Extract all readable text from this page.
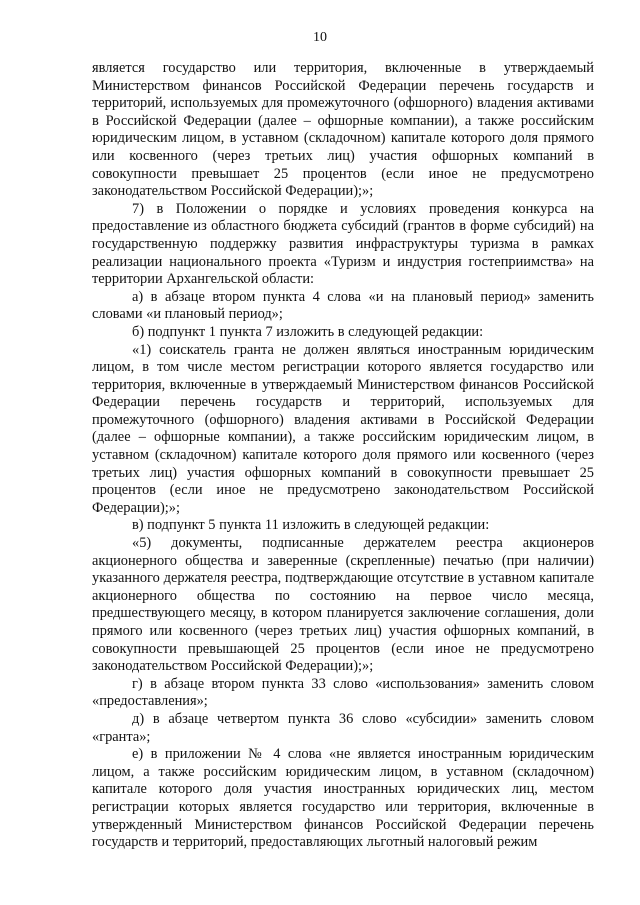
10

является государство или территория, включенные в утверждаемый Министерством финансов Российской Федерации перечень государств и территорий, используемых для промежуточного (офшорного) владения активами в Российской Федерации (далее – офшорные компании), а также российским юридическим лицом, в уставном (складочном) капитале которого доля прямого или косвенного (через третьих лиц) участия офшорных компаний в совокупности превышает 25 процентов (если иное не предусмотрено законодательством Российской Федерации);»;

7) в Положении о порядке и условиях проведения конкурса на предоставление из областного бюджета субсидий (грантов в форме субсидий) на государственную поддержку развития инфраструктуры туризма в рамках реализации национального проекта «Туризм и индустрия гостеприимства» на территории Архангельской области:

а) в абзаце втором пункта 4 слова «и на плановый период» заменить словами «и плановый период»;

б) подпункт 1 пункта 7 изложить в следующей редакции:

«1) соискатель гранта не должен являться иностранным юридическим лицом, в том числе местом регистрации которого является государство или территория, включенные в утверждаемый Министерством финансов Российской Федерации перечень государств и территорий, используемых для промежуточного (офшорного) владения активами в Российской Федерации (далее – офшорные компании), а также российским юридическим лицом, в уставном (складочном) капитале которого доля прямого или косвенного (через третьих лиц) участия офшорных компаний в совокупности превышает 25 процентов (если иное не предусмотрено законодательством Российской Федерации);»;

в) подпункт 5 пункта 11 изложить в следующей редакции:

«5) документы, подписанные держателем реестра акционеров акционерного общества и заверенные (скрепленные) печатью (при наличии) указанного держателя реестра, подтверждающие отсутствие в уставном капитале акционерного общества по состоянию на первое число месяца, предшествующего месяцу, в котором планируется заключение соглашения, доли прямого или косвенного (через третьих лиц) участия офшорных компаний, в совокупности превышающей 25 процентов (если иное не предусмотрено законодательством Российской Федерации);»;

г) в абзаце втором пункта 33 слово «использования» заменить словом «предоставления»;

д) в абзаце четвертом пункта 36 слово «субсидии» заменить словом «гранта»;

е) в приложении № 4 слова «не является иностранным юридическим лицом, а также российским юридическим лицом, в уставном (складочном) капитале которого доля участия иностранных юридических лиц, местом регистрации которых является государство или территория, включенные в утвержденный Министерством финансов Российской Федерации перечень государств и территорий, предоставляющих льготный налоговый режим
